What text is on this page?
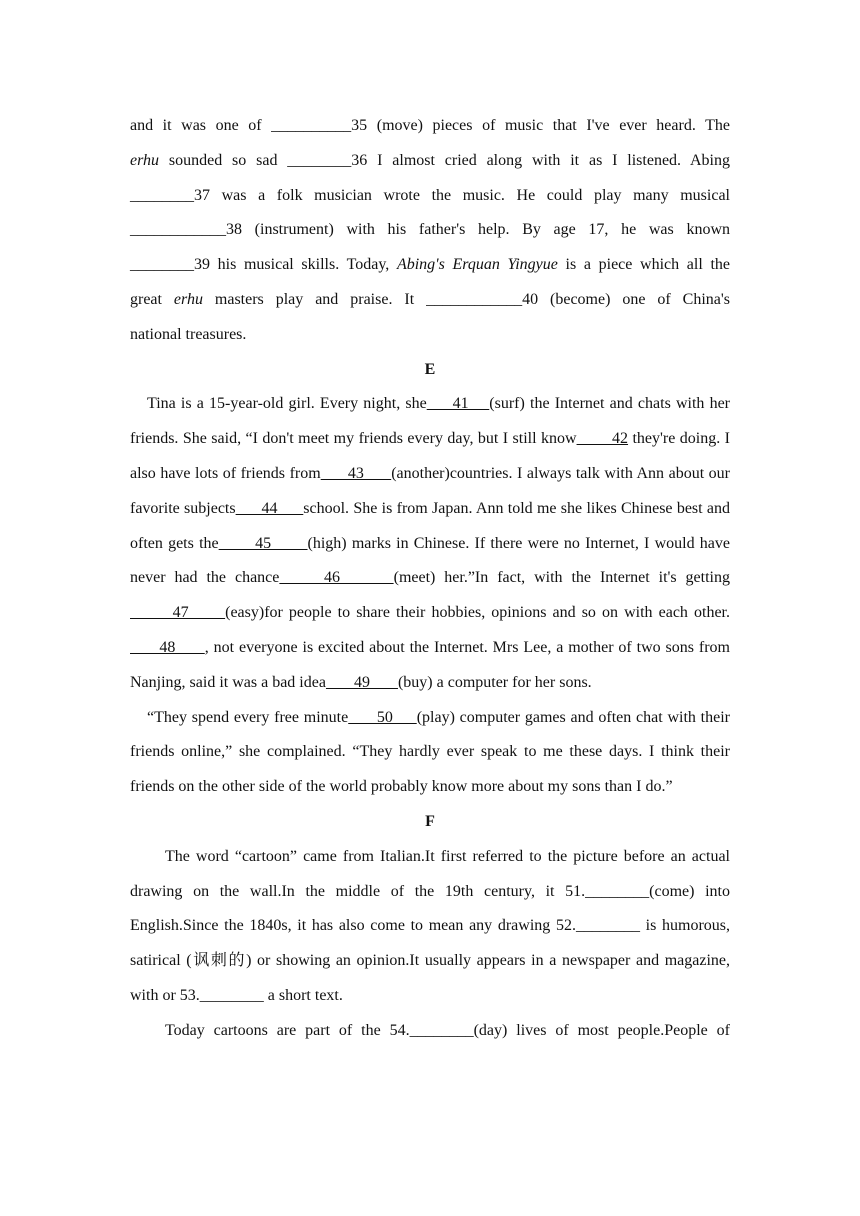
and it was one of __________35 (move) pieces of music that I've ever heard. The

erhu sounded so sad ________36 I almost cried along with it as I listened. Abing

________37 was a folk musician wrote the music. He could play many musical

____________38 (instrument) with his father's help. By age 17, he was known

________39 his musical skills. Today, Abing's Erquan Yingyue is a piece which all the

great erhu masters play and praise. It ____________40 (become) one of China's

national treasures.

E

Tina is a 15-year-old girl. Every night, she     41    (surf) the Internet and chats with her friends. She said, “I don't meet my friends every day, but I still know        42 they're doing. I also have lots of friends from      43      (another)countries. I always talk with Ann about our favorite subjects      44      school. She is from Japan. Ann told me she likes Chinese best and often gets the       45       (high) marks in Chinese. If there were no Internet, I would have never had the chance     46      (meet) her.”In fact, with the Internet it's getting       47      (easy)for people to share their hobbies, opinions and so on with each other.      48      , not everyone is excited about the Internet. Mrs Lee, a mother of two sons from Nanjing, said it was a bad idea       49       (buy) a computer for her sons.

“They spend every free minute      50     (play) computer games and often chat with their friends online,” she complained. “They hardly ever speak to me these days. I think their friends on the other side of the world probably know more about my sons than I do.”

F

The word “cartoon” came from Italian.It first referred to the picture before an actual drawing on the wall.In the middle of the 19th century, it 51.________(come) into English.Since the 1840s, it has also come to mean any drawing 52.________ is humorous, satirical (讽刺的) or showing an opinion.It usually appears in a newspaper and magazine, with or 53.________ a short text.

Today cartoons are part of the 54.________(day) lives of most people.People of
